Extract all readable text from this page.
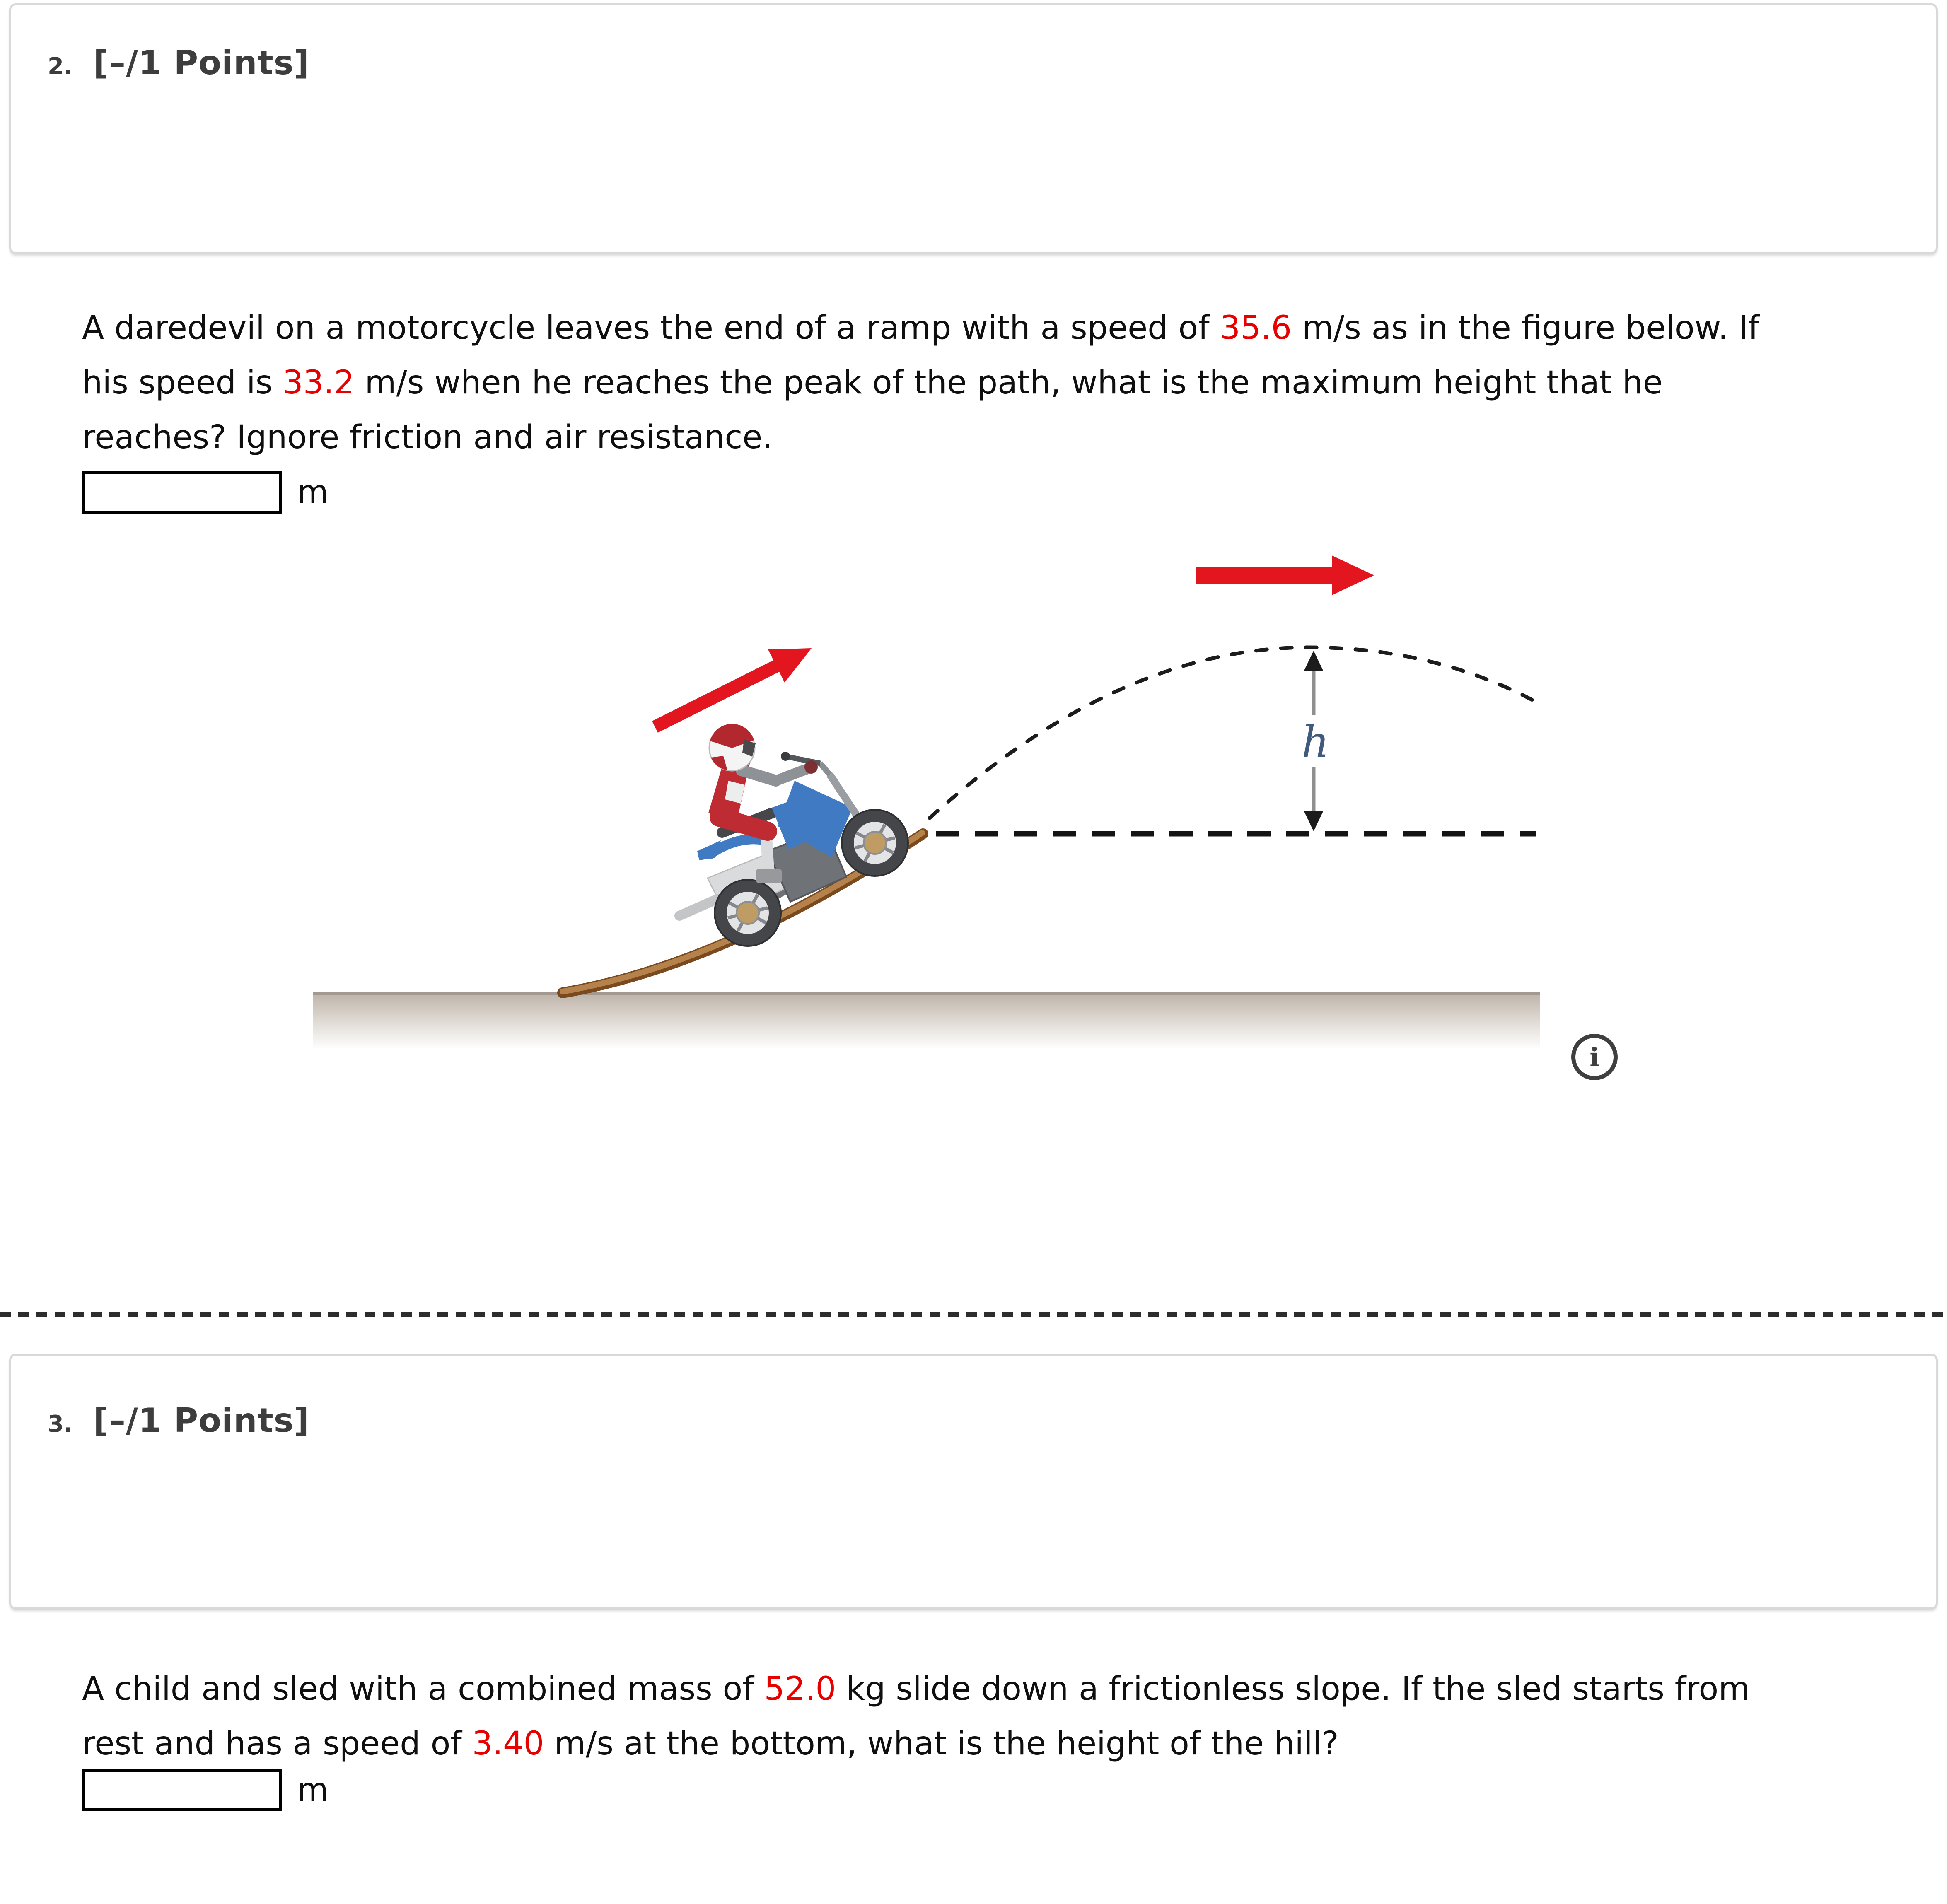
2. [–/1 Points]
A daredevil on a motorcycle leaves the end of a ramp with a speed of 35.6 m/s as in the figure below. If
his speed is 33.2 m/s when he reaches the peak of the path, what is the maximum height that he
reaches? Ignore friction and air resistance.
m
h
i
3. [–/1 Points]
A child and sled with a combined mass of 52.0 kg slide down a frictionless slope. If the sled starts from
rest and has a speed of 3.40 m/s at the bottom, what is the height of the hill?
m
